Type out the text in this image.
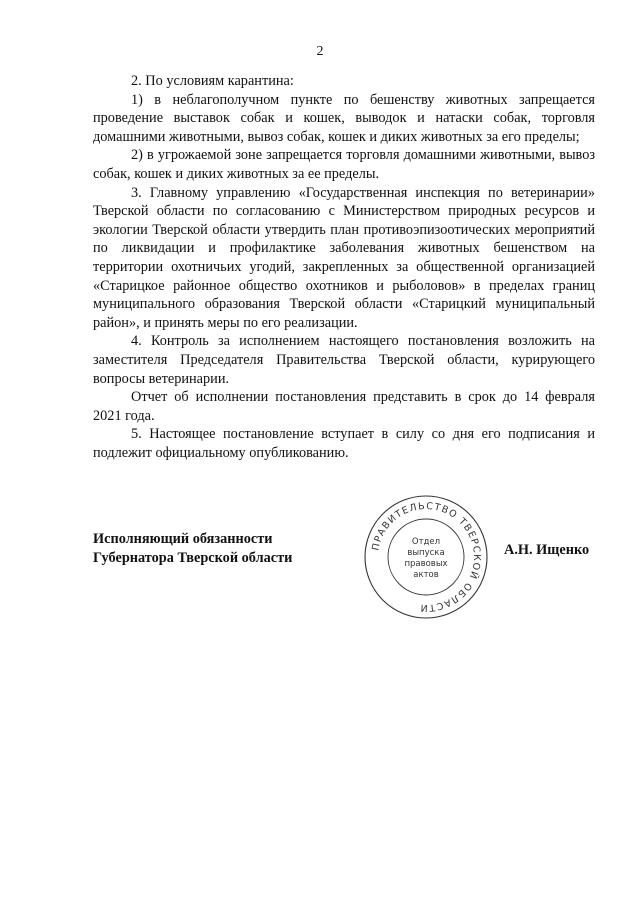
2

2. По условиям карантина:

1) в неблагополучном пункте по бешенству животных запрещается проведение выставок собак и кошек, выводок и натаски собак, торговля домашними животными, вывоз собак, кошек и диких животных за его пределы;

2) в угрожаемой зоне запрещается торговля домашними животными, вывоз собак, кошек и диких животных за ее пределы.

3. Главному управлению «Государственная инспекция по ветеринарии» Тверской области по согласованию с Министерством природных ресурсов и экологии Тверской области утвердить план противоэпизоотических мероприятий по ликвидации и профилактике заболевания животных бешенством на территории охотничьих угодий, закрепленных за общественной организацией «Старицкое районное общество охотников и рыболовов» в пределах границ муниципального образования Тверской области «Старицкий муниципальный район», и принять меры по его реализации.

4. Контроль за исполнением настоящего постановления возложить на заместителя Председателя Правительства Тверской области, курирующего вопросы ветеринарии.

Отчет об исполнении постановления представить в срок до 14 февраля 2021 года.

5. Настоящее постановление вступает в силу со дня его подписания и подлежит официальному опубликованию.

Исполняющий обязанности
Губернатора Тверской области	А.Н. Ищенко
ПРАВИТЕЛЬСТВО ТВЕРСКОЙ ОБЛАСТИ
Отдел
выпуска
правовых
актов
